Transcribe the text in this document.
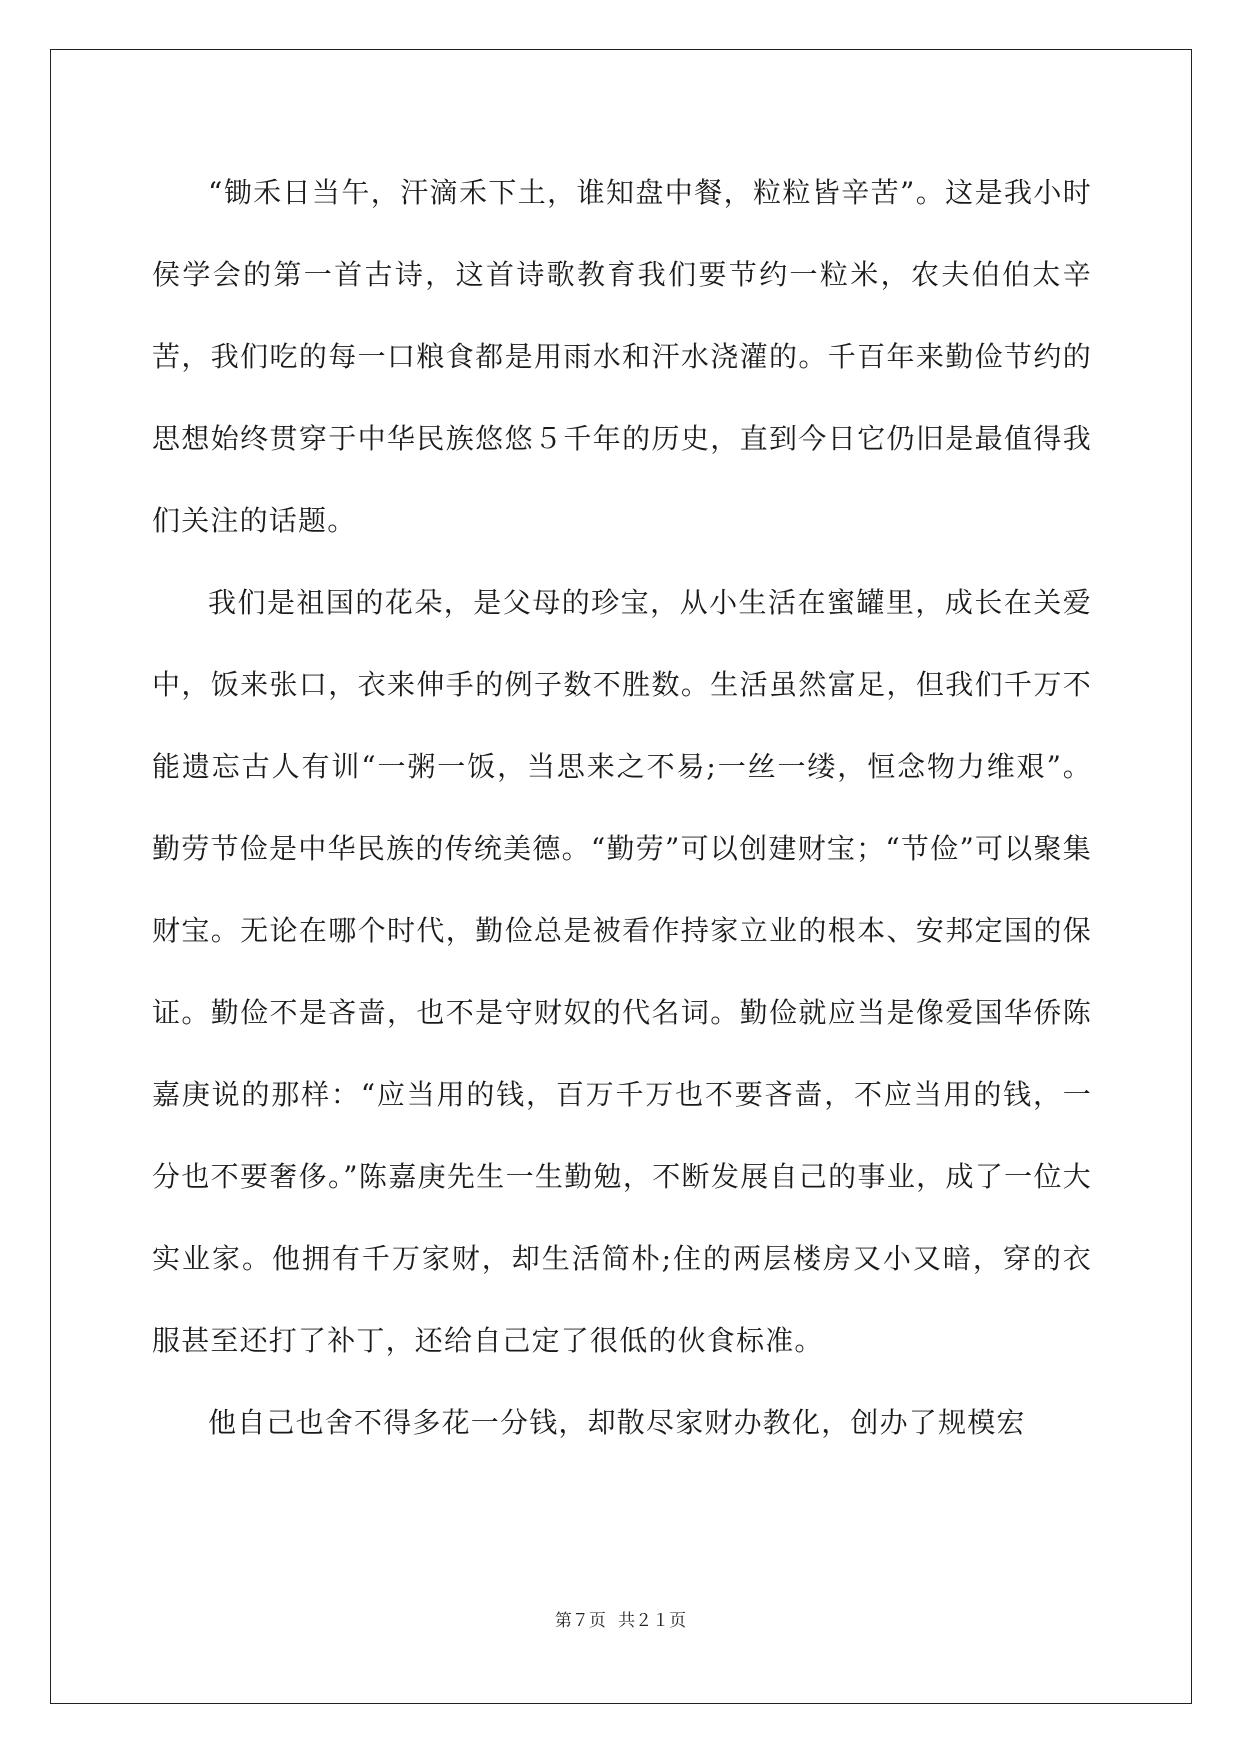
“锄禾日当午，汗滴禾下土，谁知盘中餐，粒粒皆辛苦”。这是我小时侯学会的第一首古诗，这首诗歌教育我们要节约一粒米，农夫伯伯太辛苦，我们吃的每一口粮食都是用雨水和汗水浇灌的。千百年来勤俭节约的思想始终贯穿于中华民族悠悠５千年的历史，直到今日它仍旧是最值得我们关注的话题。

我们是祖国的花朵，是父母的珍宝，从小生活在蜜罐里，成长在关爱中，饭来张口，衣来伸手的例子数不胜数。生活虽然富足，但我们千万不能遗忘古人有训“一粥一饭，当思来之不易;一丝一缕，恒念物力维艰”。勤劳节俭是中华民族的传统美德。“勤劳”可以创建财宝；“节俭”可以聚集财宝。无论在哪个时代，勤俭总是被看作持家立业的根本、安邦定国的保证。勤俭不是吝啬，也不是守财奴的代名词。勤俭就应当是像爱国华侨陈嘉庚说的那样：“应当用的钱，百万千万也不要吝啬，不应当用的钱，一分也不要奢侈。”陈嘉庚先生一生勤勉，不断发展自己的事业，成了一位大实业家。他拥有千万家财，却生活简朴;住的两层楼房又小又暗，穿的衣服甚至还打了补丁，还给自己定了很低的伙食标准。

他自己也舍不得多花一分钱，却散尽家财办教化，创办了规模宏

第７页 共２１页
